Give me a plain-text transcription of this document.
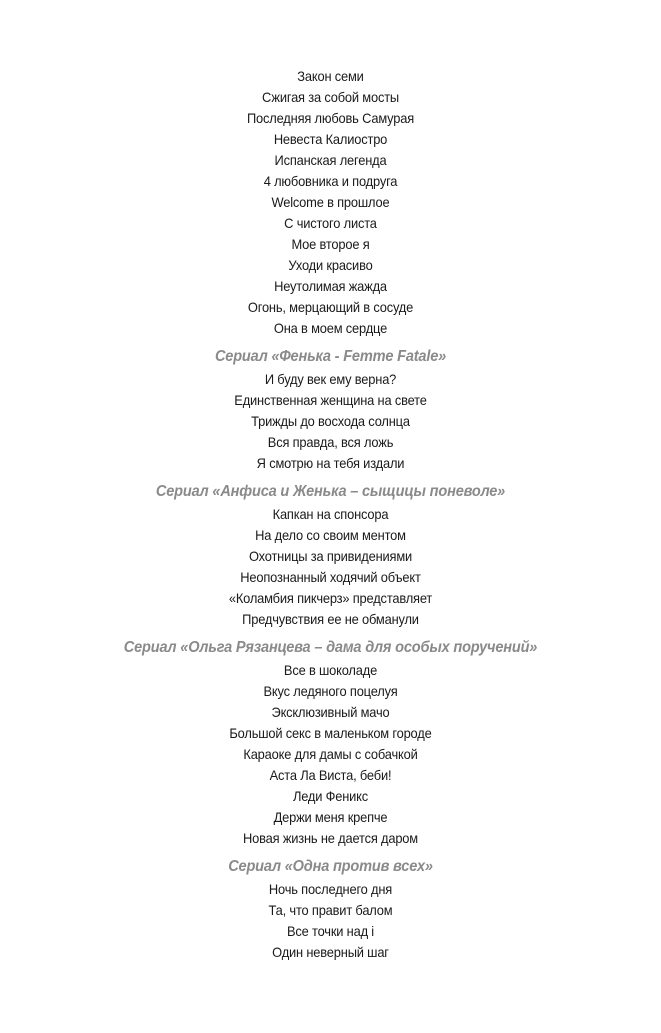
Закон семи
Сжигая за собой мосты
Последняя любовь Самурая
Невеста Калиостро
Испанская легенда
4 любовника и подруга
Welcome в прошлое
С чистого листа
Мое второе я
Уходи красиво
Неутолимая жажда
Огонь, мерцающий в сосуде
Она в моем сердце
Сериал «Фенька - Femme Fatale»
И буду век ему верна?
Единственная женщина на свете
Трижды до восхода солнца
Вся правда, вся ложь
Я смотрю на тебя издали
Сериал «Анфиса и Женька – сыщицы поневоле»
Капкан на спонсора
На дело со своим ментом
Охотницы за привидениями
Неопознанный ходячий объект
«Коламбия пикчерз» представляет
Предчувствия ее не обманули
Сериал «Ольга Рязанцева – дама для особых поручений»
Все в шоколаде
Вкус ледяного поцелуя
Эксклюзивный мачо
Большой секс в маленьком городе
Караоке для дамы с собачкой
Аста Ла Виста, беби!
Леди Феникс
Держи меня крепче
Новая жизнь не дается даром
Сериал «Одна против всех»
Ночь последнего дня
Та, что правит балом
Все точки над i
Один неверный шаг
